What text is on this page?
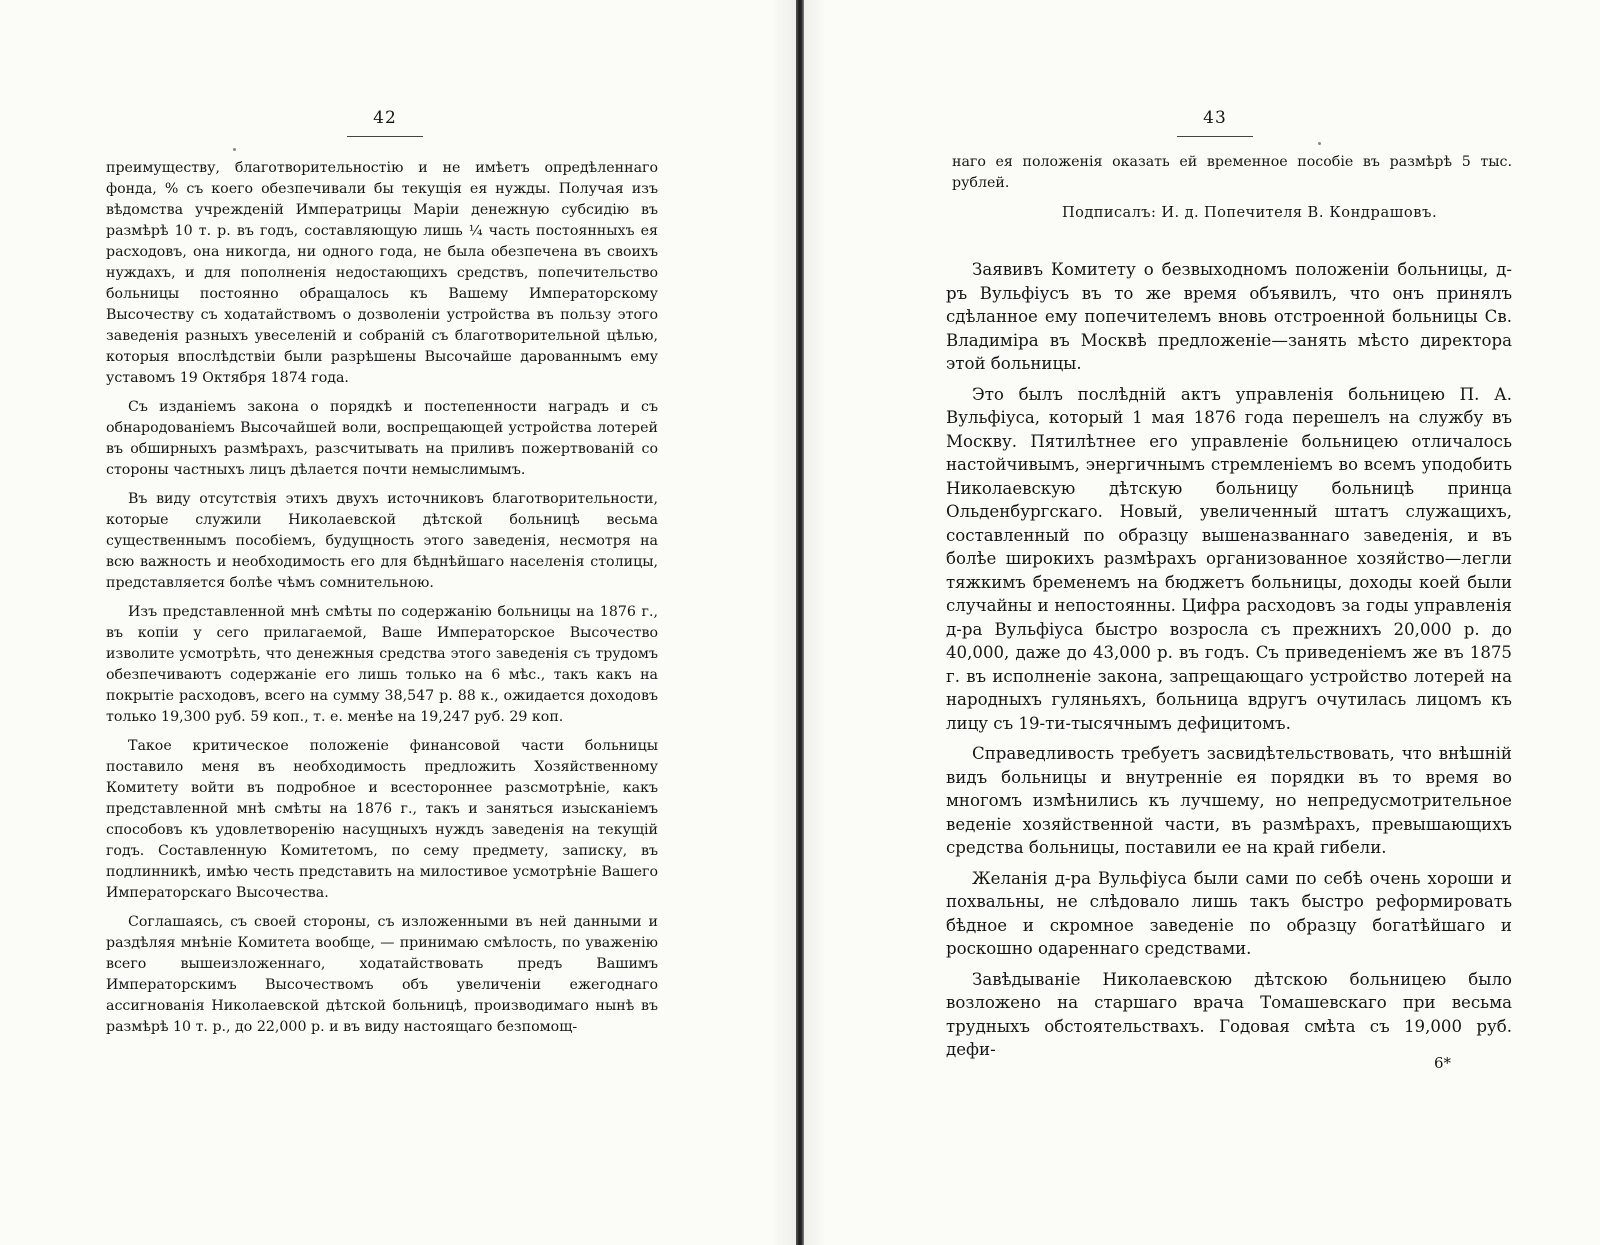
42

преимуществу, благотворительностію и не имѣетъ опредѣленнаго фонда, % съ коего обезпечивали бы текущія ея нужды. Получая изъ вѣдомства учрежденій Императрицы Маріи денежную субсидію въ размѣрѣ 10 т. р. въ годъ, составляющую лишь ¼ часть постоянныхъ ея расходовъ, она никогда, ни одного года, не была обезпечена въ своихъ нуждахъ, и для пополненія недостающихъ средствъ, попечительство больницы постоянно обращалось къ Вашему Императорскому Высочеству съ ходатайствомъ о дозволеніи устройства въ пользу этого заведенія разныхъ увеселеній и собраній съ благотворительной цѣлью, которыя впослѣдствіи были разрѣшены Высочайше дарованнымъ ему уставомъ 19 Октября 1874 года.

Съ изданіемъ закона о порядкѣ и постепенности наградъ и съ обнародованіемъ Высочайшей воли, воспрещающей устройства лотерей въ обширныхъ размѣрахъ, разсчитывать на приливъ пожертвованій со стороны частныхъ лицъ дѣлается почти немыслимымъ.

Въ виду отсутствія этихъ двухъ источниковъ благотворительности, которые служили Николаевской дѣтской больницѣ весьма существеннымъ пособіемъ, будущность этого заведенія, несмотря на всю важность и необходимость его для бѣднѣйшаго населенія столицы, представляется болѣе чѣмъ сомнительною.

Изъ представленной мнѣ смѣты по содержанію больницы на 1876 г., въ копіи у сего прилагаемой, Ваше Императорское Высочество изволите усмотрѣть, что денежныя средства этого заведенія съ трудомъ обезпечиваютъ содержаніе его лишь только на 6 мѣс., такъ какъ на покрытіе расходовъ, всего на сумму 38,547 р. 88 к., ожидается доходовъ только 19,300 руб. 59 коп., т. е. менѣе на 19,247 руб. 29 коп.

Такое критическое положеніе финансовой части больницы поставило меня въ необходимость предложить Хозяйственному Комитету войти въ подробное и всестороннее разсмотрѣніе, какъ представленной мнѣ смѣты на 1876 г., такъ и заняться изысканіемъ способовъ къ удовлетворенію насущныхъ нуждъ заведенія на текущій годъ. Составленную Комитетомъ, по сему предмету, записку, въ подлинникѣ, имѣю честь представить на милостивое усмотрѣніе Вашего Императорскаго Высочества.

Соглашаясь, съ своей стороны, съ изложенными въ ней данными и раздѣляя мнѣніе Комитета вообще, — принимаю смѣлость, по уваженію всего вышеизложеннаго, ходатайствовать предъ Вашимъ Императорскимъ Высочествомъ объ увеличеніи ежегоднаго ассигнованія Николаевской дѣтской больницѣ, производимаго нынѣ въ размѣрѣ 10 т. р., до 22,000 р. и въ виду настоящаго безпомощ-

43

наго ея положенія оказать ей временное пособіе въ размѣрѣ 5 тыс. рублей.

Подписалъ: И. д. Попечителя В. Кондрашовъ.

Заявивъ Комитету о безвыходномъ положеніи больницы, д-ръ Вульфіусъ въ то же время объявилъ, что онъ принялъ сдѣланное ему попечителемъ вновь отстроенной больницы Св. Владиміра въ Москвѣ предложеніе—занять мѣсто директора этой больницы.

Это былъ послѣдній актъ управленія больницею П. А. Вульфіуса, который 1 мая 1876 года перешелъ на службу въ Москву. Пятилѣтнее его управленіе больницею отличалось настойчивымъ, энергичнымъ стремленіемъ во всемъ уподобить Николаевскую дѣтскую больницу больницѣ принца Ольденбургскаго. Новый, увеличенный штатъ служащихъ, составленный по образцу вышеназваннаго заведенія, и въ болѣе широкихъ размѣрахъ организованное хозяйство—легли тяжкимъ бременемъ на бюджетъ больницы, доходы коей были случайны и непостоянны. Цифра расходовъ за годы управленія д-ра Вульфіуса быстро возросла съ прежнихъ 20,000 р. до 40,000, даже до 43,000 р. въ годъ. Съ приведеніемъ же въ 1875 г. въ исполненіе закона, запрещающаго устройство лотерей на народныхъ гуляньяхъ, больница вдругъ очутилась лицомъ къ лицу съ 19-ти-тысячнымъ дефицитомъ.

Справедливость требуетъ засвидѣтельствовать, что внѣшній видъ больницы и внутренніе ея порядки въ то время во многомъ измѣнились къ лучшему, но непредусмотрительное веденіе хозяйственной части, въ размѣрахъ, превышающихъ средства больницы, поставили ее на край гибели.

Желанія д-ра Вульфіуса были сами по себѣ очень хороши и похвальны, не слѣдовало лишь такъ быстро реформировать бѣдное и скромное заведеніе по образцу богатѣйшаго и роскошно одареннаго средствами.

Завѣдываніе Николаевскою дѣтскою больницею было возложено на старшаго врача Томашевскаго при весьма трудныхъ обстоятельствахъ. Годовая смѣта съ 19,000 руб. дефи-

6*
